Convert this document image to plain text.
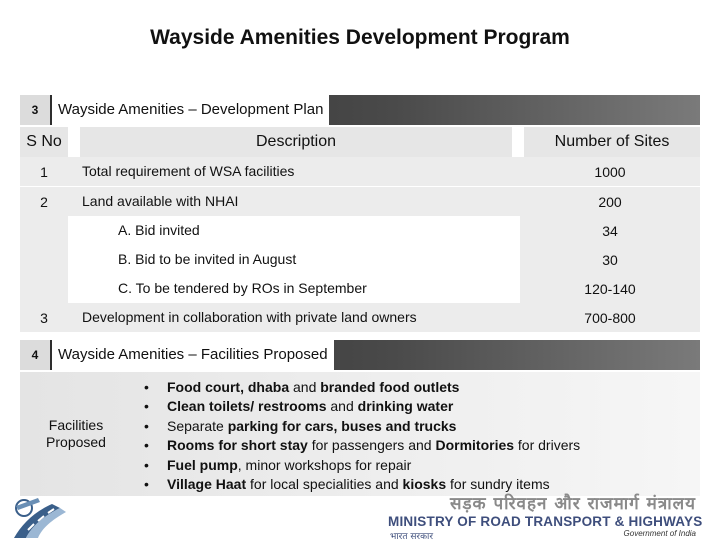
Wayside Amenities Development Program
3	Wayside Amenities – Development Plan
S No	Description	Number of Sites
1	Total requirement of WSA facilities	1000
2	Land available with NHAI	200
A. Bid invited	34
B. Bid to be invited in August	30
C. To be tendered by ROs in September	120-140
3	Development in collaboration with private land owners	700-800
4	Wayside Amenities – Facilities Proposed
Facilities Proposed
• Food court, dhaba and branded food outlets
• Clean toilets/ restrooms and drinking water
• Separate parking for cars, buses and trucks
• Rooms for short stay for passengers and Dormitories for drivers
• Fuel pump, minor workshops for repair
• Village Haat for local specialities and kiosks for sundry items
सड़क परिवहन और राजमार्ग मंत्रालय
MINISTRY OF ROAD TRANSPORT & HIGHWAYS
भारत सरकार	Government of India
